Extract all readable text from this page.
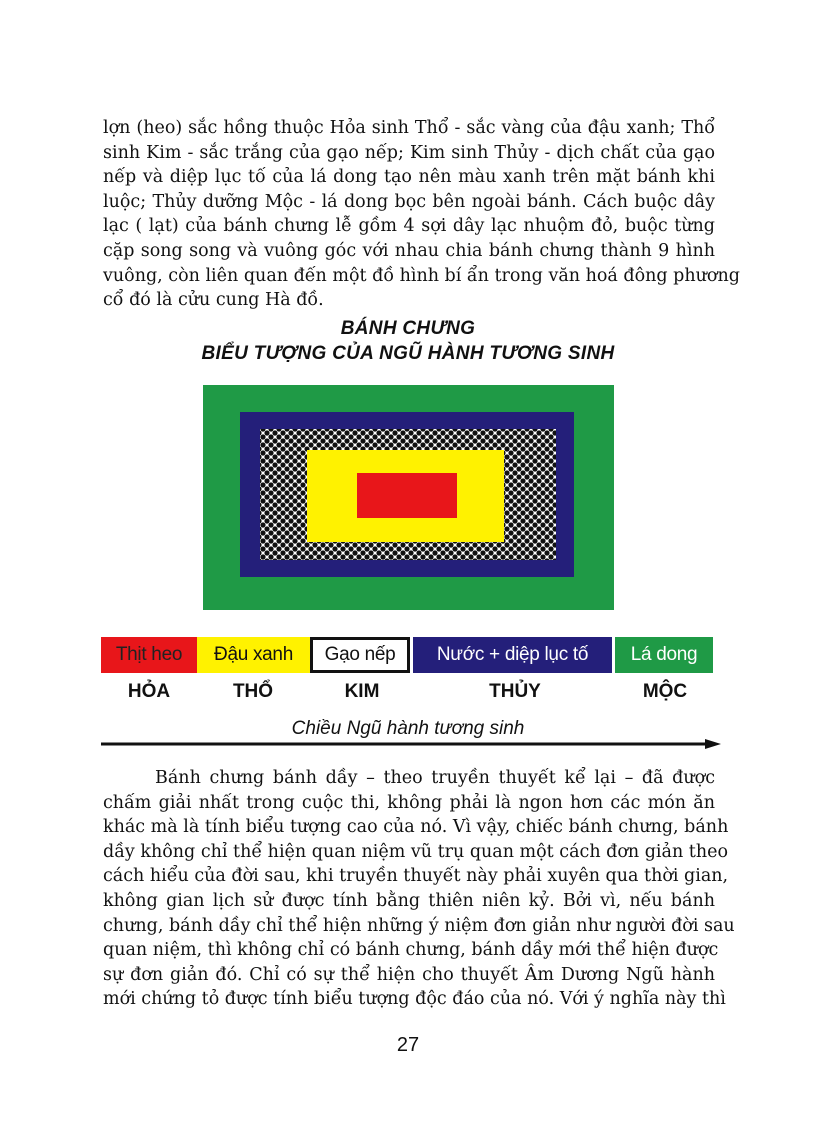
lợn (heo) sắc hồng thuộc Hỏa sinh Thổ - sắc vàng của đậu xanh; Thổ
sinh Kim - sắc trắng của gạo nếp; Kim sinh Thủy - dịch chất của gạo
nếp và diệp lục tố của lá dong tạo nên màu xanh trên mặt bánh khi
luộc; Thủy dưỡng Mộc - lá dong bọc bên ngoài bánh. Cách buộc dây
lạc ( lạt) của bánh chưng lễ gồm 4 sợi dây lạc nhuộm đỏ, buộc từng
cặp song song và vuông góc với nhau chia bánh chưng thành 9 hình
vuông, còn liên quan đến một đồ hình bí ẩn trong văn hoá đông phương
cổ đó là cửu cung Hà đồ.

BÁNH CHƯNG

BIỂU TƯỢNG CỦA NGŨ HÀNH TƯƠNG SINH

Thịt heo	Đậu xanh	Gạo nếp	Nước + diệp lục tố	Lá dong

HỎA	THỔ	KIM	THỦY	MỘC

Chiều Ngũ hành tương sinh

Bánh chưng bánh dầy – theo truyền thuyết kể lại – đã được
chấm giải nhất trong cuộc thi, không phải là ngon hơn các món ăn
khác mà là tính biểu tượng cao của nó. Vì vậy, chiếc bánh chưng, bánh
dầy không chỉ thể hiện quan niệm vũ trụ quan một cách đơn giản theo
cách hiểu của đời sau, khi truyền thuyết này phải xuyên qua thời gian,
không gian lịch sử được tính bằng thiên niên kỷ. Bởi vì, nếu bánh
chưng, bánh dầy chỉ thể hiện những ý niệm đơn giản như người đời sau
quan niệm, thì không chỉ có bánh chưng, bánh dầy mới thể hiện được
sự đơn giản đó. Chỉ có sự thể hiện cho thuyết Âm Dương Ngũ hành
mới chứng tỏ được tính biểu tượng độc đáo của nó. Với ý nghĩa này thì

27
